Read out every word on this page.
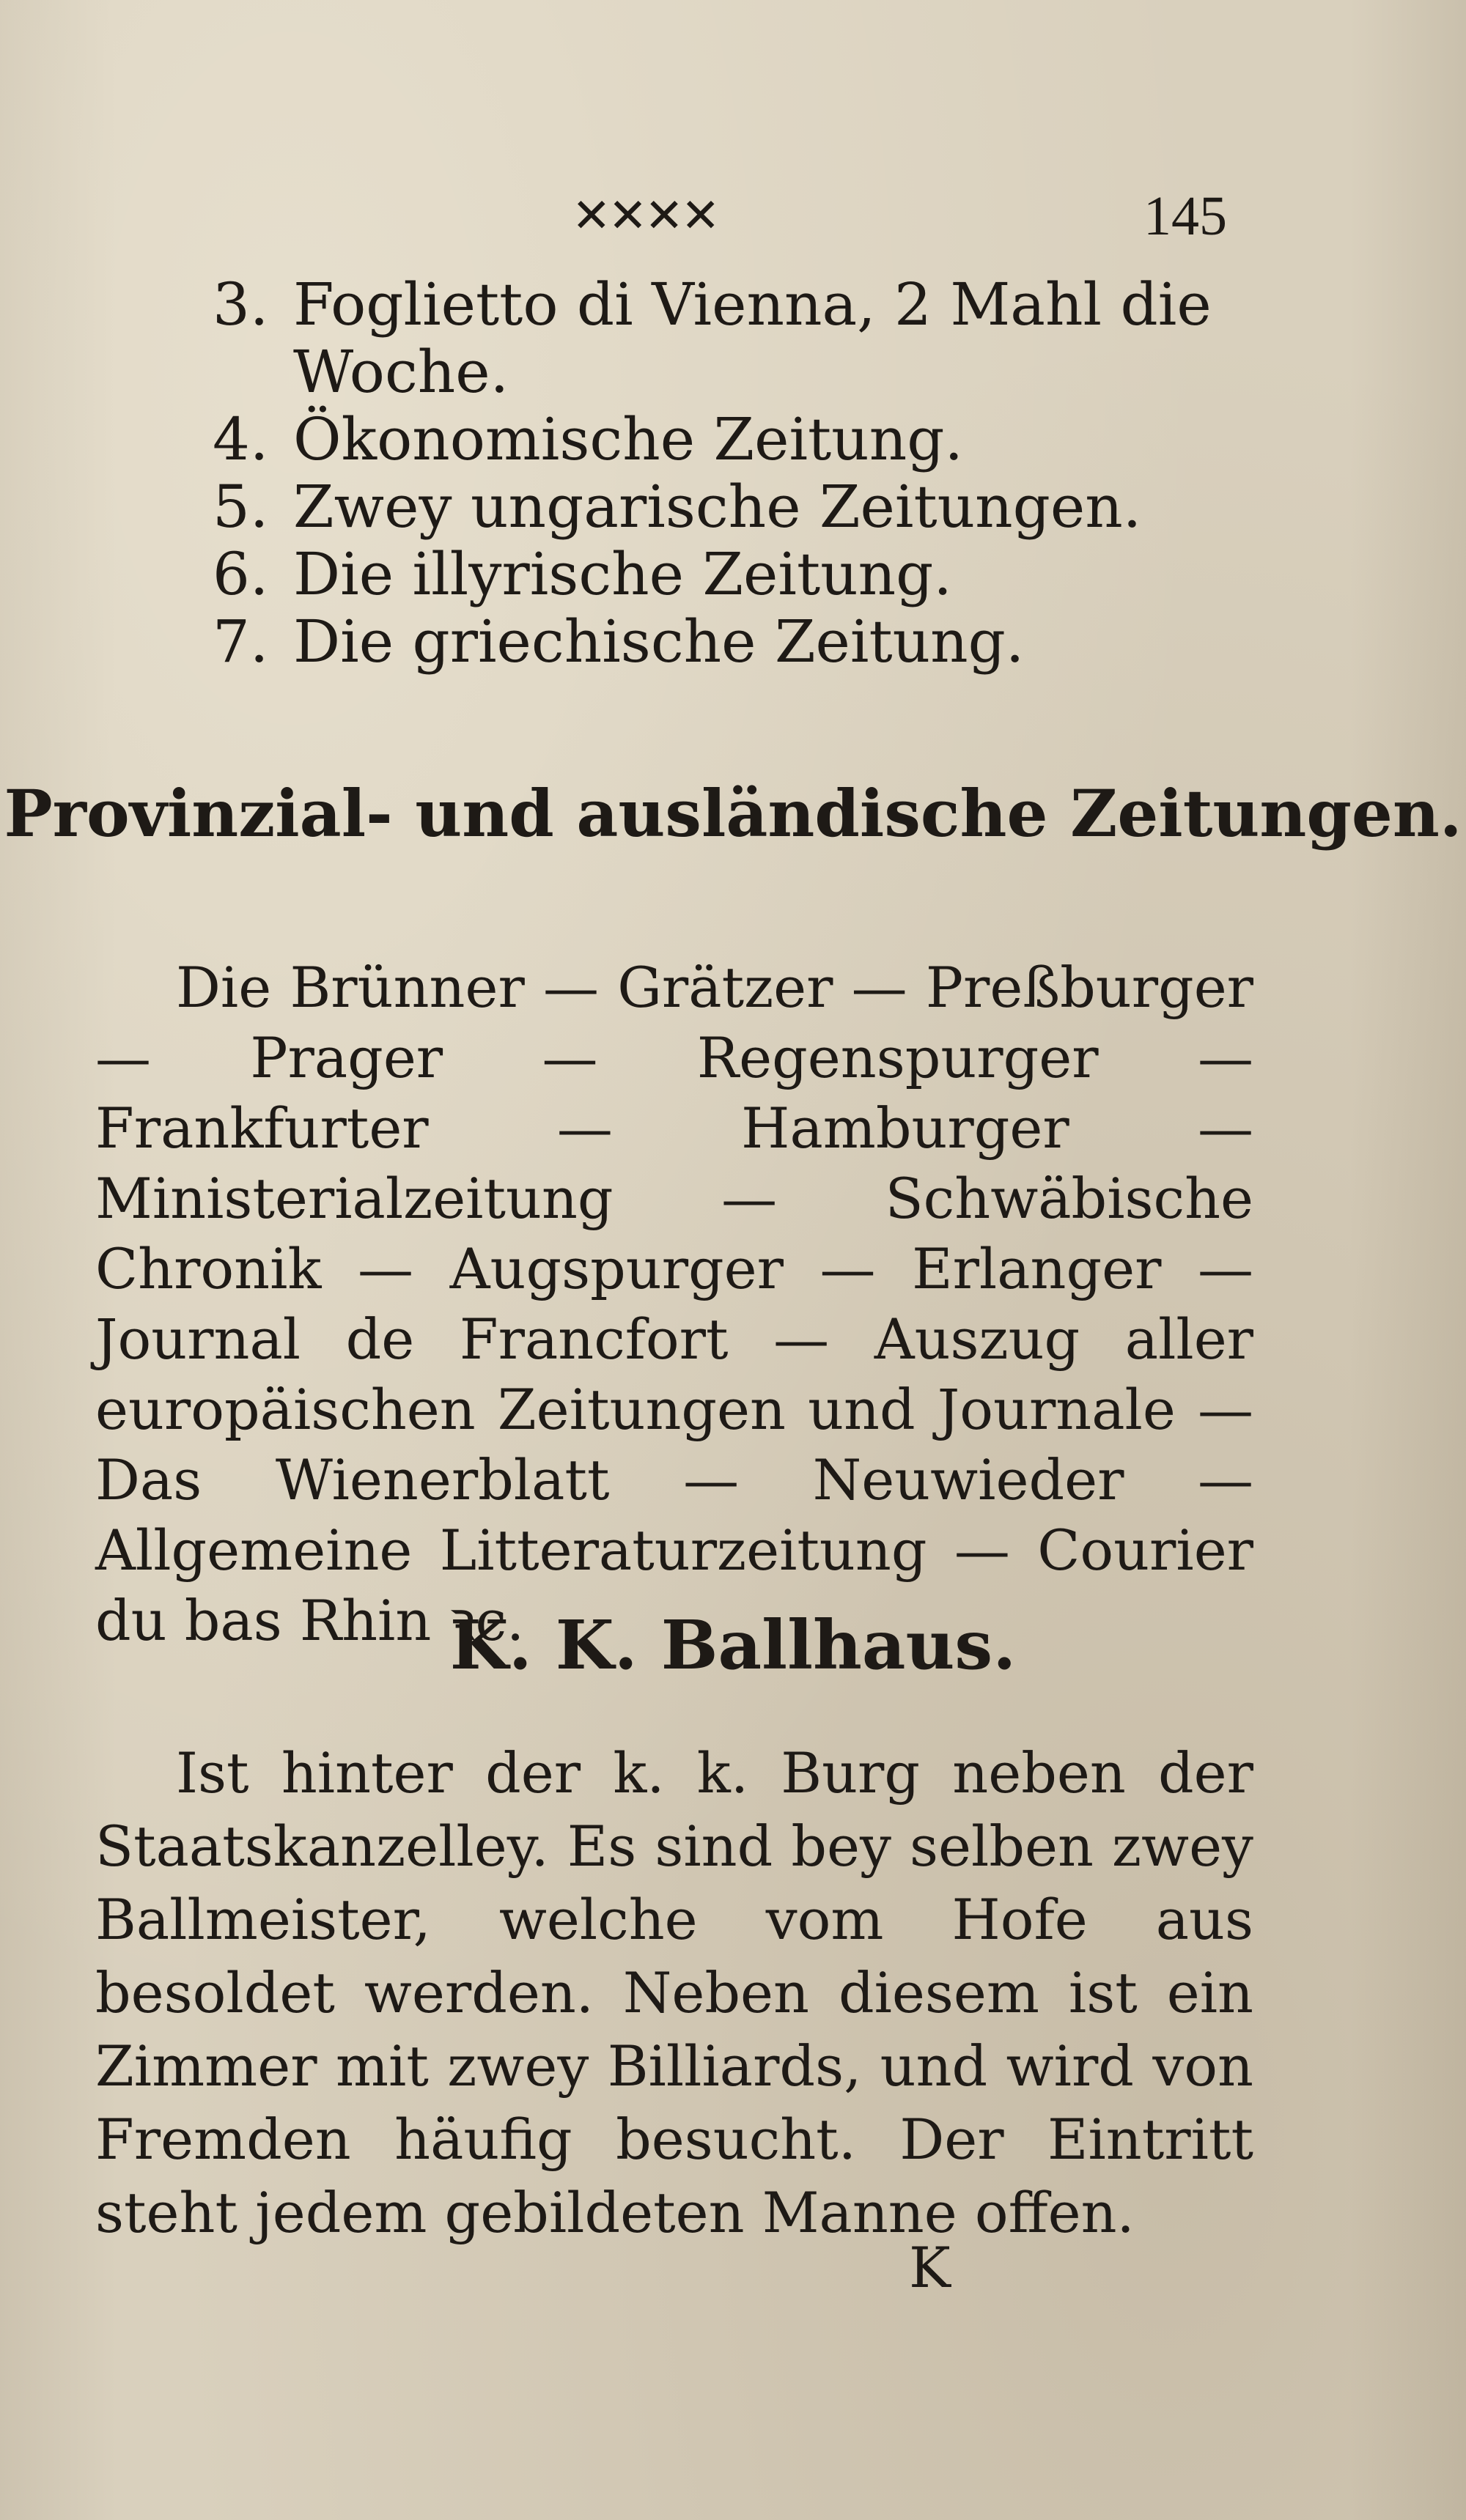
✕✕✕✕	145
3. Foglietto di Vienna, 2 Mahl die Woche.
4. Ökonomische Zeitung.
5. Zwey ungarische Zeitungen.
6. Die illyrische Zeitung.
7. Die griechische Zeitung.
Provinzial- und ausländische Zeitungen.
Die Brünner — Grätzer — Preßburger — Prager — Regenspurger — Frankfurter — Hamburger — Ministerialzeitung — Schwäbische Chronik — Augspurger — Erlanger — Journal de Francfort — Auszug aller europäischen Zeitungen und Journale — Das Wienerblatt — Neuwieder — Allgemeine Litteraturzeitung — Courier du bas Rhin ꝛc.
K. K. Ballhaus.
Ist hinter der k. k. Burg neben der Staatskanzelley. Es sind bey selben zwey Ballmeister, welche vom Hofe aus besoldet werden. Neben diesem ist ein Zimmer mit zwey Billiards, und wird von Fremden häufig besucht. Der Eintritt steht jedem gebildeten Manne offen.
K
